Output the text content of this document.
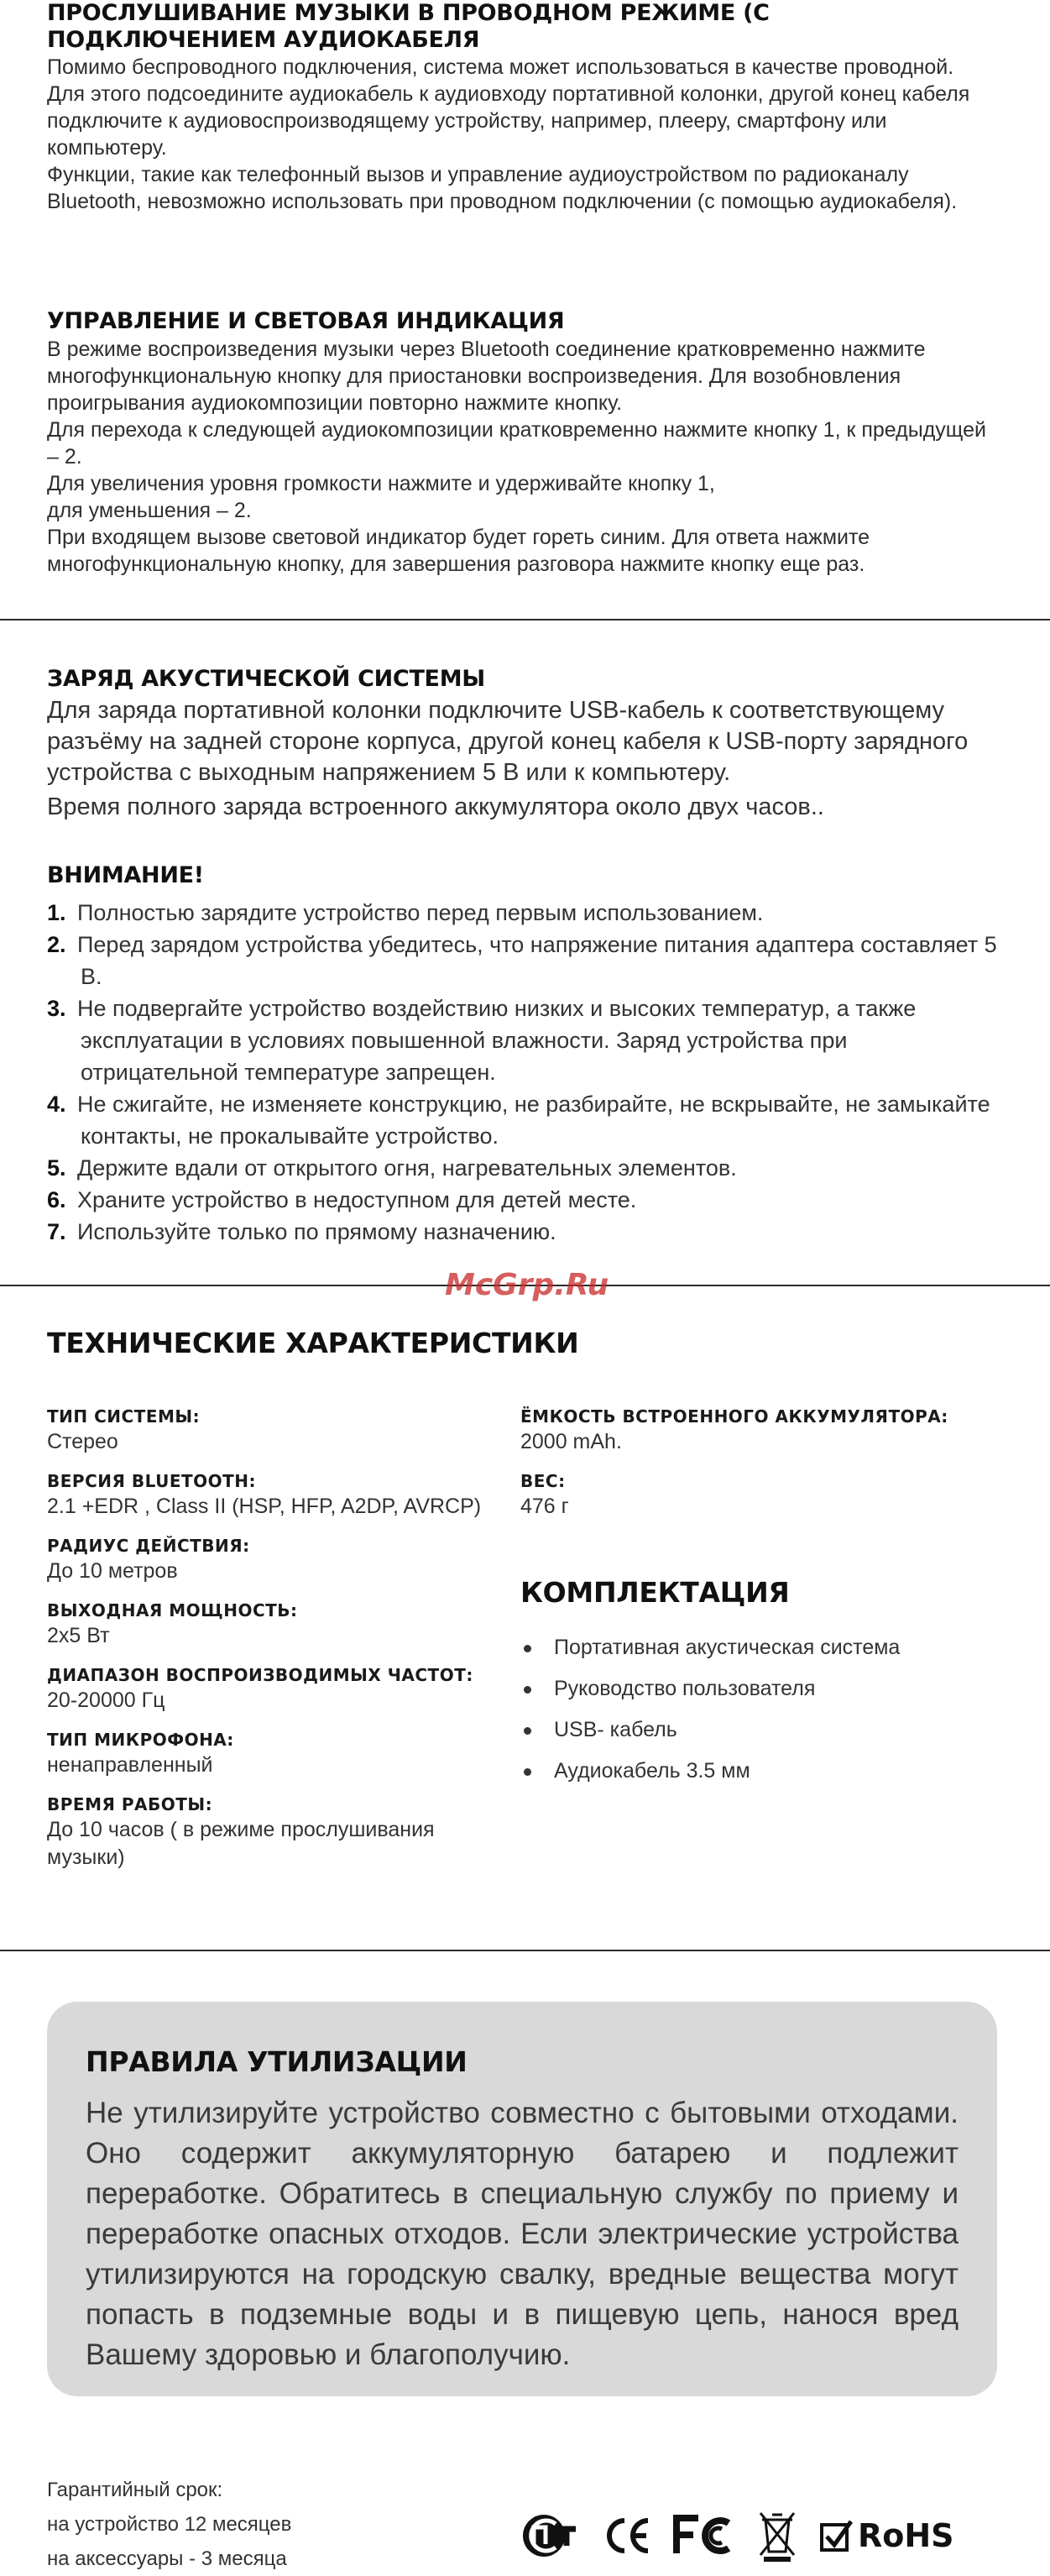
ПРОСЛУШИВАНИЕ МУЗЫКИ В ПРОВОДНОМ РЕЖИМЕ (С ПОДКЛЮЧЕНИЕМ АУДИОКАБЕЛЯ

Помимо беспроводного подключения, система может использоваться в качестве проводной.

Для этого подсоедините аудиокабель к аудиовходу портативной колонки, другой конец кабеля подключите к аудиовоспроизводящему устройству, например, плееру, смартфону или компьютеру.

Функции, такие как телефонный вызов и управление аудиоустройством по радиоканалу Bluetooth, невозможно использовать при проводном подключении (с помощью аудиокабеля).

УПРАВЛЕНИЕ И СВЕТОВАЯ ИНДИКАЦИЯ

В режиме воспроизведения музыки через Bluetooth соединение кратковременно нажмите многофункциональную кнопку для приостановки воспроизведения. Для возобновления проигрывания аудиокомпозиции повторно нажмите кнопку.

Для перехода к следующей аудиокомпозиции кратковременно нажмите кнопку 1, к предыдущей – 2.

Для увеличения уровня громкости нажмите и удерживайте кнопку 1,

для уменьшения – 2.

При входящем вызове световой индикатор будет гореть синим. Для ответа нажмите многофункциональную кнопку, для завершения разговора нажмите кнопку еще раз.

ЗАРЯД АКУСТИЧЕСКОЙ СИСТЕМЫ

Для заряда портативной колонки подключите USB-кабель к соответствующему разъёму на задней стороне корпуса, другой конец кабеля к USB-порту зарядного устройства с выходным напряжением 5 В или к компьютеру.

Время полного заряда встроенного аккумулятора около двух часов..

ВНИМАНИЕ!

1. Полностью зарядите устройство перед первым использованием.
2. Перед зарядом устройства убедитесь, что напряжение питания адаптера составляет 5 В.
3. Не подвергайте устройство воздействию низких и высоких температур, а также эксплуатации в условиях повышенной влажности. Заряд устройства при отрицательной температуре запрещен.
4. Не сжигайте, не изменяете конструкцию, не разбирайте, не вскрывайте, не замыкайте контакты, не прокалывайте устройство.
5. Держите вдали от открытого огня, нагревательных элементов.
6. Храните устройство в недоступном для детей месте.
7. Используйте только по прямому назначению.
McGrp.Ru

ТЕХНИЧЕСКИЕ ХАРАКТЕРИСТИКИ

ТИП СИСТЕМЫ:

Стерео

ВЕРСИЯ BLUETOOTH:

2.1 +EDR , Class II (HSP, HFP, A2DP, AVRCP)

РАДИУС ДЕЙСТВИЯ:

До 10 метров

ВЫХОДНАЯ МОЩНОСТЬ:

2x5 Вт

ДИАПАЗОН ВОСПРОИЗВОДИМЫХ ЧАСТОТ:

20-20000 Гц

ТИП МИКРОФОНА:

ненаправленный

ВРЕМЯ РАБОТЫ:

До 10 часов ( в режиме прослушивания музыки)

ЁМКОСТЬ ВСТРОЕННОГО АККУМУЛЯТОРА:

2000 mAh.

ВЕС:

476 г

КОМПЛЕКТАЦИЯ

Портативная акустическая система
Руководство пользователя
USB- кабель
Аудиокабель 3.5 мм

ПРАВИЛА УТИЛИЗАЦИИ

Не утилизируйте устройство совместно с бытовыми отходами. Оно содержит аккумуляторную батарею и подлежит переработке. Обратитесь в специальную службу по приему и переработке опасных отходов. Если электрические устройства утилизируются на городскую свалку, вредные вещества могут попасть в подземные воды и в пищевую цепь, нанося вред Вашему здоровью и благополучию.

Гарантийный срок:

на устройство 12 месяцев

на аксессуары - 3 месяца

RoHS
